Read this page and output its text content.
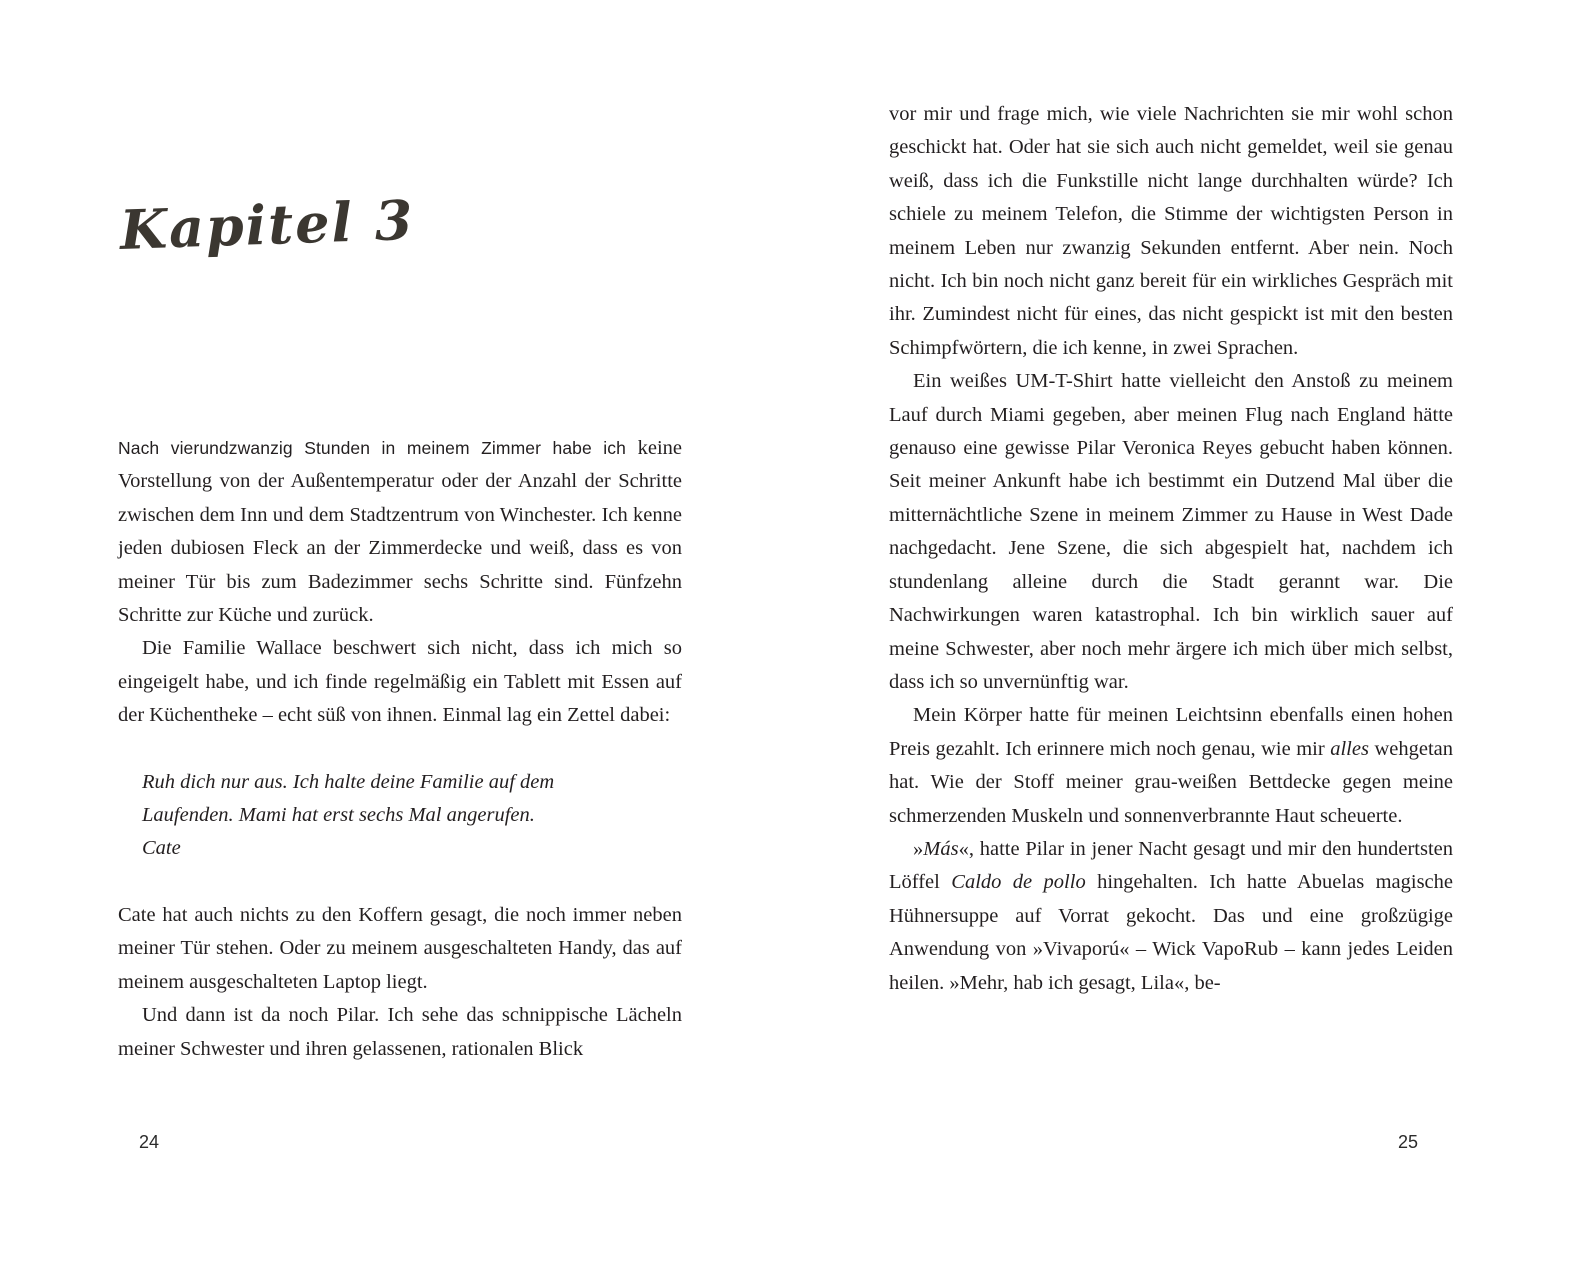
Kapitel 3

Nach vierundzwanzig Stunden in meinem Zimmer habe ich keine Vorstellung von der Außentemperatur oder der Anzahl der Schritte zwischen dem Inn und dem Stadtzentrum von Winchester. Ich kenne jeden dubiosen Fleck an der Zimmerdecke und weiß, dass es von meiner Tür bis zum Badezimmer sechs Schritte sind. Fünfzehn Schritte zur Küche und zurück.

Die Familie Wallace beschwert sich nicht, dass ich mich so eingeigelt habe, und ich finde regelmäßig ein Tablett mit Essen auf der Küchentheke – echt süß von ihnen. Einmal lag ein Zettel dabei:

Ruh dich nur aus. Ich halte deine Familie auf dem
Laufenden. Mami hat erst sechs Mal angerufen.
Cate

Cate hat auch nichts zu den Koffern gesagt, die noch immer neben meiner Tür stehen. Oder zu meinem ausgeschalteten Handy, das auf meinem ausgeschalteten Laptop liegt.

Und dann ist da noch Pilar. Ich sehe das schnippische Lächeln meiner Schwester und ihren gelassenen, rationalen Blick

24

vor mir und frage mich, wie viele Nachrichten sie mir wohl schon geschickt hat. Oder hat sie sich auch nicht gemeldet, weil sie genau weiß, dass ich die Funkstille nicht lange durchhalten würde? Ich schiele zu meinem Telefon, die Stimme der wichtigsten Person in meinem Leben nur zwanzig Sekunden entfernt. Aber nein. Noch nicht. Ich bin noch nicht ganz bereit für ein wirkliches Gespräch mit ihr. Zumindest nicht für eines, das nicht gespickt ist mit den besten Schimpfwörtern, die ich kenne, in zwei Sprachen.

Ein weißes UM-T-Shirt hatte vielleicht den Anstoß zu meinem Lauf durch Miami gegeben, aber meinen Flug nach England hätte genauso eine gewisse Pilar Veronica Reyes gebucht haben können. Seit meiner Ankunft habe ich bestimmt ein Dutzend Mal über die mitternächtliche Szene in meinem Zimmer zu Hause in West Dade nachgedacht. Jene Szene, die sich abgespielt hat, nachdem ich stundenlang alleine durch die Stadt gerannt war. Die Nachwirkungen waren katastrophal. Ich bin wirklich sauer auf meine Schwester, aber noch mehr ärgere ich mich über mich selbst, dass ich so unvernünftig war.

Mein Körper hatte für meinen Leichtsinn ebenfalls einen hohen Preis gezahlt. Ich erinnere mich noch genau, wie mir alles wehgetan hat. Wie der Stoff meiner grau-weißen Bettdecke gegen meine schmerzenden Muskeln und sonnenverbrannte Haut scheuerte.

»Más«, hatte Pilar in jener Nacht gesagt und mir den hundertsten Löffel Caldo de pollo hingehalten. Ich hatte Abuelas magische Hühnersuppe auf Vorrat gekocht. Das und eine großzügige Anwendung von »Vivaporú« – Wick VapoRub – kann jedes Leiden heilen. »Mehr, hab ich gesagt, Lila«, be-

25
